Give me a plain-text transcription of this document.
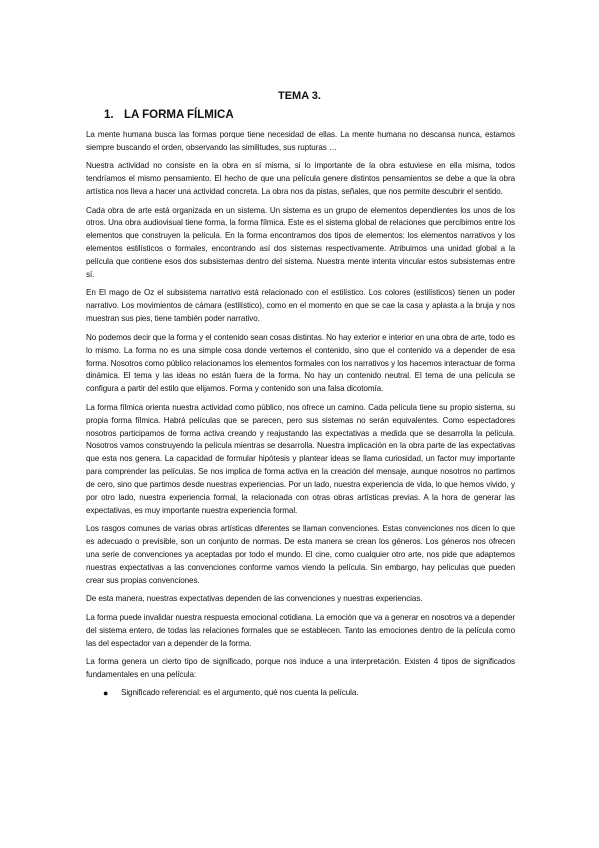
TEMA 3.
1. LA FORMA FÍLMICA

La mente humana busca las formas porque tiene necesidad de ellas. La mente humana no descansa nunca, estamos siempre buscando el orden, observando las similitudes, sus rupturas …

Nuestra actividad no consiste en la obra en sí misma, si lo importante de la obra estuviese en ella misma, todos tendríamos el mismo pensamiento. El hecho de que una película genere distintos pensamientos se debe a que la obra artística nos lleva a hacer una actividad concreta. La obra nos da pistas, señales, que nos permite descubrir el sentido.

Cada obra de arte está organizada en un sistema. Un sistema es un grupo de elementos dependientes los unos de los otros. Una obra audiovisual tiene forma, la forma fílmica. Este es el sistema global de relaciones que percibimos entre los elementos que construyen la película. En la forma encontramos dos tipos de elementos: los elementos narrativos y los elementos estilísticos o formales, encontrando así dos sistemas respectivamente. Atribuimos una unidad global a la película que contiene esos dos subsistemas dentro del sistema. Nuestra mente intenta vincular estos subsistemas entre sí.

En El mago de Oz el subsistema narrativo está relacionado con el estilístico. Los colores (estilísticos) tienen un poder narrativo. Los movimientos de cámara (estilístico), como en el momento en que se cae la casa y aplasta a la bruja y nos muestran sus pies, tiene también poder narrativo.

No podemos decir que la forma y el contenido sean cosas distintas. No hay exterior e interior en una obra de arte, todo es lo mismo. La forma no es una simple cosa donde vertemos el contenido, sino que el contenido va a depender de esa forma. Nosotros como público relacionamos los elementos formales con los narrativos y los hacemos interactuar de forma dinámica. El tema y las ideas no están fuera de la forma. No hay un contenido neutral. El tema de una película se configura a partir del estilo que elijamos. Forma y contenido son una falsa dicotomía.

La forma fílmica orienta nuestra actividad como público, nos ofrece un camino. Cada película tiene su propio sistema, su propia forma fílmica. Habrá películas que se parecen, pero sus sistemas no serán equivalentes. Como espectadores nosotros participamos de forma activa creando y reajustando las expectativas a medida que se desarrolla la película. Nosotros vamos construyendo la película mientras se desarrolla. Nuestra implicación en la obra parte de las expectativas que esta nos genera. La capacidad de formular hipótesis y plantear ideas se llama curiosidad, un factor muy importante para comprender las películas. Se nos implica de forma activa en la creación del mensaje, aunque nosotros no partimos de cero, sino que partimos desde nuestras experiencias. Por un lado, nuestra experiencia de vida, lo que hemos vivido, y por otro lado, nuestra experiencia formal, la relacionada con otras obras artísticas previas. A la hora de generar las expectativas, es muy importante nuestra experiencia formal.

Los rasgos comunes de varias obras artísticas diferentes se llaman convenciones. Estas convenciones nos dicen lo que es adecuado o previsible, son un conjunto de normas. De esta manera se crean los géneros. Los géneros nos ofrecen una serie de convenciones ya aceptadas por todo el mundo. El cine, como cualquier otro arte, nos pide que adaptemos nuestras expectativas a las convenciones conforme vamos viendo la película. Sin embargo, hay películas que pueden crear sus propias convenciones.

De esta manera, nuestras expectativas dependen de las convenciones y nuestras experiencias.

La forma puede invalidar nuestra respuesta emocional cotidiana. La emoción que va a generar en nosotros va a depender del sistema entero, de todas las relaciones formales que se establecen. Tanto las emociones dentro de la película como las del espectador van a depender de la forma.

La forma genera un cierto tipo de significado, porque nos induce a una interpretación. Existen 4 tipos de significados fundamentales en una película:

● Significado referencial: es el argumento, qué nos cuenta la película.
